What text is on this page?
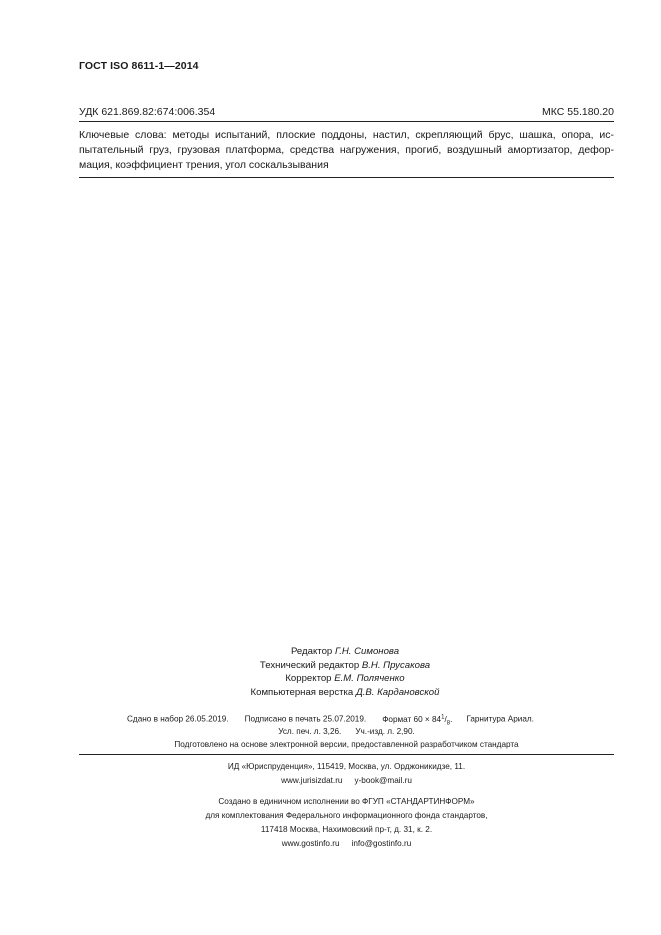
ГОСТ ISO 8611-1—2014
УДК 621.869.82:674:006.354	МКС 55.180.20
Ключевые слова: методы испытаний, плоские поддоны, настил, скрепляющий брус, шашка, опора, ис-
пытательный груз, грузовая платформа, средства нагружения, прогиб, воздушный амортизатор, дефор-
мация, коэффициент трения, угол соскальзывания
Редактор Г.Н. Симонова
Технический редактор В.Н. Прусакова
Корректор Е.М. Поляченко
Компьютерная верстка Д.В. Кардановской
Сдано в набор 26.05.2019. Подписано в печать 25.07.2019. Формат $60 \times 84^1/_8$. Гарнитура Ариал.
Усл. печ. л. 3,26. Уч.-изд. л. 2,90.
Подготовлено на основе электронной версии, предоставленной разработчиком стандарта
ИД «Юриспруденция», 115419, Москва, ул. Орджоникидзе, 11.
www.jurisizdat.ru y-book@mail.ru
Создано в единичном исполнении во ФГУП «СТАНДАРТИНФОРМ»
для комплектования Федерального информационного фонда стандартов,
117418 Москва, Нахимовский пр-т, д. 31, к. 2.
www.gostinfo.ru info@gostinfo.ru
